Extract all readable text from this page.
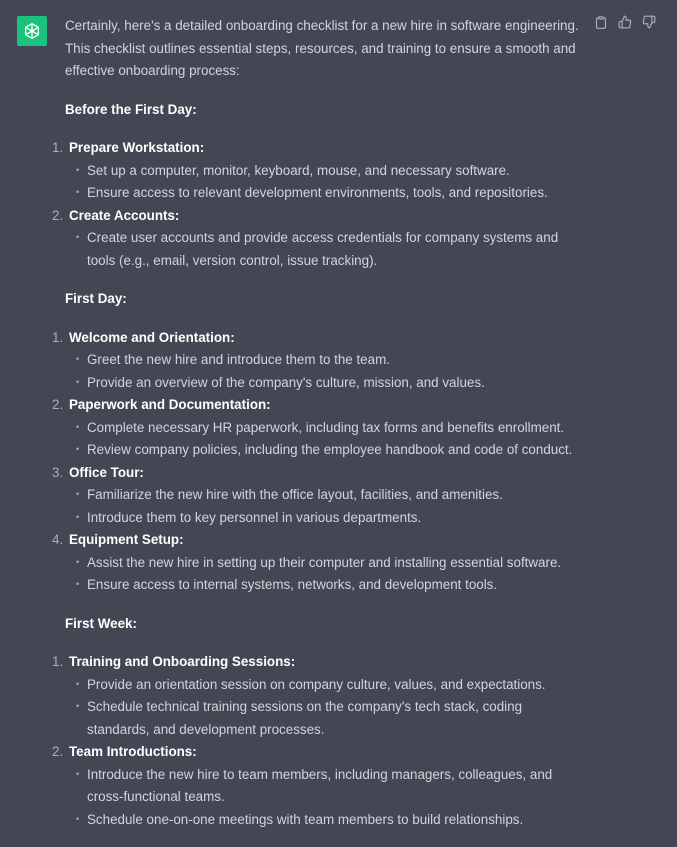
Certainly, here's a detailed onboarding checklist for a new hire in software engineering. This checklist outlines essential steps, resources, and training to ensure a smooth and effective onboarding process:

Before the First Day:

1. Prepare Workstation:
• Set up a computer, monitor, keyboard, mouse, and necessary software.
• Ensure access to relevant development environments, tools, and repositories.
2. Create Accounts:
• Create user accounts and provide access credentials for company systems and tools (e.g., email, version control, issue tracking).

First Day:

1. Welcome and Orientation:
• Greet the new hire and introduce them to the team.
• Provide an overview of the company's culture, mission, and values.
2. Paperwork and Documentation:
• Complete necessary HR paperwork, including tax forms and benefits enrollment.
• Review company policies, including the employee handbook and code of conduct.
3. Office Tour:
• Familiarize the new hire with the office layout, facilities, and amenities.
• Introduce them to key personnel in various departments.
4. Equipment Setup:
• Assist the new hire in setting up their computer and installing essential software.
• Ensure access to internal systems, networks, and development tools.

First Week:

1. Training and Onboarding Sessions:
• Provide an orientation session on company culture, values, and expectations.
• Schedule technical training sessions on the company's tech stack, coding standards, and development processes.
2. Team Introductions:
• Introduce the new hire to team members, including managers, colleagues, and cross-functional teams.
• Schedule one-on-one meetings with team members to build relationships.
